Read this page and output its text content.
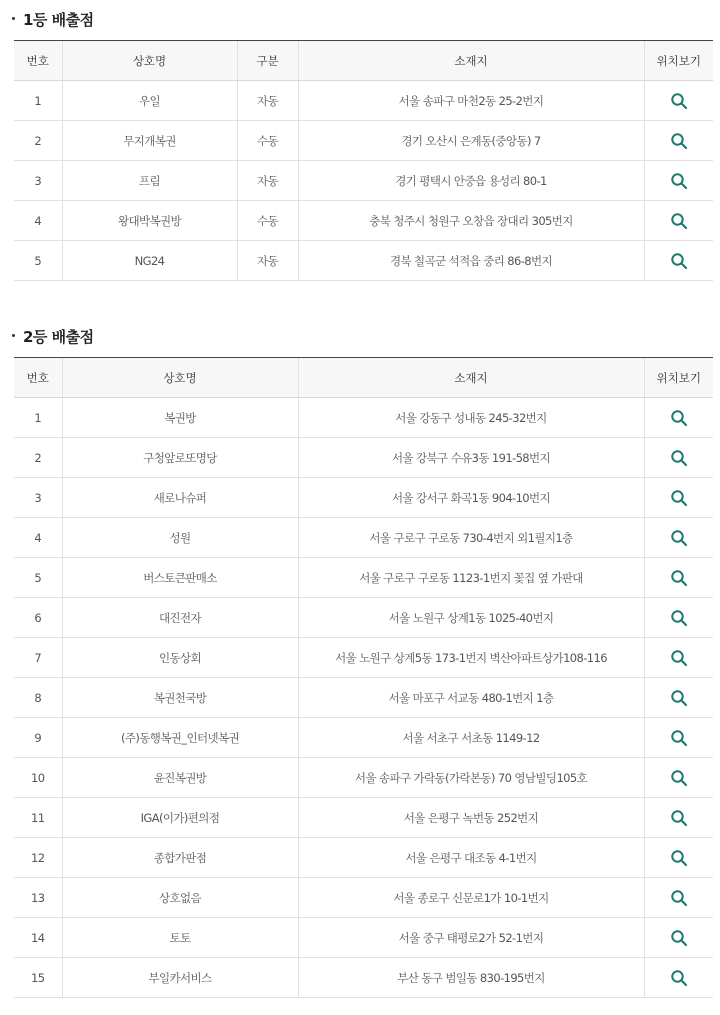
1등 배출점
번호	상호명	구분	소재지	위치보기
1	우일	자동	서울 송파구 마천2동 25-2번지	
2	무지개복권	수동	경기 오산시 은계동(중앙동) 7	
3	프림	자동	경기 평택시 안중읍 용성리 80-1	
4	왕대박복권방	수동	충북 청주시 청원구 오창읍 장대리 305번지	
5	NG24	자동	경북 칠곡군 석적읍 중리 86-8번지	
2등 배출점
번호	상호명	소재지	위치보기
1	복권방	서울 강동구 성내동 245-32번지	
2	구청앞로또명당	서울 강북구 수유3동 191-58번지	
3	새로나슈퍼	서울 강서구 화곡1동 904-10번지	
4	성원	서울 구로구 구로동 730-4번지 외1필지1층	
5	버스토큰판매소	서울 구로구 구로동 1123-1번지 꽃집 옆 가판대	
6	대진전자	서울 노원구 상계1동 1025-40번지	
7	인동상회	서울 노원구 상계5동 173-1번지 벽산아파트상가108-116	
8	복권천국방	서울 마포구 서교동 480-1번지 1층	
9	(주)동행복권_인터넷복권	서울 서초구 서초동 1149-12	
10	윤진복권방	서울 송파구 가락동(가락본동) 70 영남빌딩105호	
11	IGA(이가)편의점	서울 은평구 녹번동 252번지	
12	종합가판점	서울 은평구 대조동 4-1번지	
13	상호없음	서울 종로구 신문로1가 10-1번지	
14	토토	서울 중구 태평로2가 52-1번지	
15	부일카서비스	부산 동구 범일동 830-195번지	
